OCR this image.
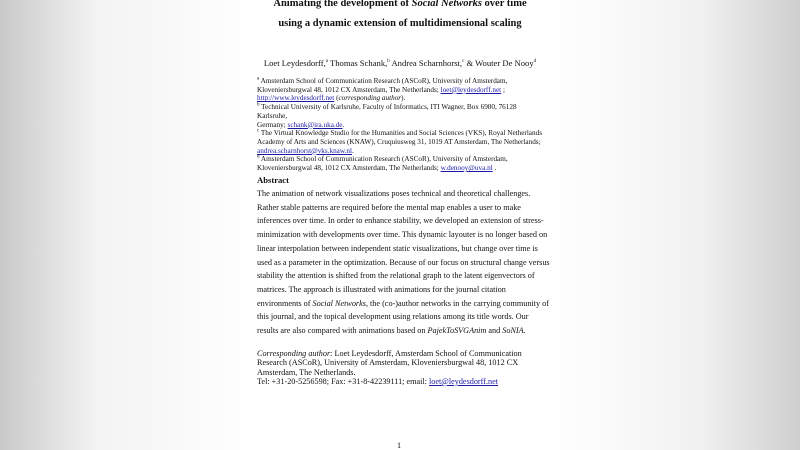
Animating the development of Social Networks over time
using a dynamic extension of multidimensional scaling
Loet Leydesdorff,$^a$ Thomas Schank,$^b$ Andrea Scharnhorst,$^c$ & Wouter De Nooy$^d$

$^a$ Amsterdam School of Communication Research (ASCoR), University of Amsterdam,
Kloveniersburgwal 48, 1012 CX Amsterdam, The Netherlands; loet@leydesdorff.net ;
http://www.leydesdorff.net (corresponding author).

$^b$ Technical University of Karlsruhe, Faculty of Informatics, ITI Wagner, Box 6980, 76128 Karlsruhe,
Germany; schank@ira.uka.de.

$^c$ The Virtual Knowledge Studio for the Humanities and Social Sciences (VKS), Royal Netherlands
Academy of Arts and Sciences (KNAW), Cruquiusweg 31, 1019 AT Amsterdam, The Netherlands;
andrea.scharnhorst@vks.knaw.nl.

$^d$ Amsterdam School of Communication Research (ASCoR), University of Amsterdam,
Kloveniersburgwal 48, 1012 CX Amsterdam, The Netherlands; w.denooy@uva.nl .

Abstract
The animation of network visualizations poses technical and theoretical challenges.
Rather stable patterns are required before the mental map enables a user to make
inferences over time. In order to enhance stability, we developed an extension of stress-
minimization with developments over time. This dynamic layouter is no longer based on
linear interpolation between independent static visualizations, but change over time is
used as a parameter in the optimization. Because of our focus on structural change versus
stability the attention is shifted from the relational graph to the latent eigenvectors of
matrices. The approach is illustrated with animations for the journal citation
environments of Social Networks, the (co-)author networks in the carrying community of
this journal, and the topical development using relations among its title words. Our
results are also compared with animations based on PajekToSVGAnim and SoNIA.

Corresponding author: Loet Leydesdorff, Amsterdam School of Communication
Research (ASCoR), University of Amsterdam, Kloveniersburgwal 48, 1012 CX
Amsterdam, The Netherlands.
Tel: +31-20-5256598; Fax: +31-8-42239111; email: loet@leydesdorff.net

1
